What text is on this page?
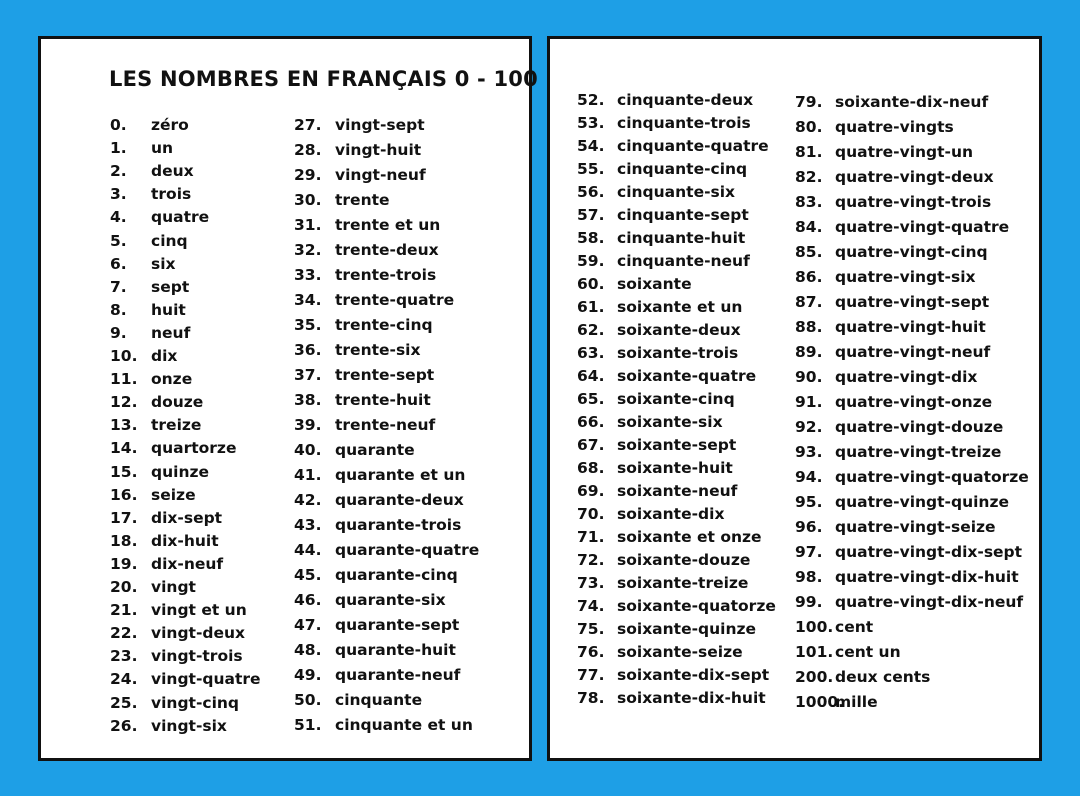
LES NOMBRES EN FRANÇAIS 0 - 100
0. zéro
1. un
2. deux
3. trois
4. quatre
5. cinq
6. six
7. sept
8. huit
9. neuf
10. dix
11. onze
12. douze
13. treize
14. quartorze
15. quinze
16. seize
17. dix-sept
18. dix-huit
19. dix-neuf
20. vingt
21. vingt et un
22. vingt-deux
23. vingt-trois
24. vingt-quatre
25. vingt-cinq
26. vingt-six
27. vingt-sept
28. vingt-huit
29. vingt-neuf
30. trente
31. trente et un
32. trente-deux
33. trente-trois
34. trente-quatre
35. trente-cinq
36. trente-six
37. trente-sept
38. trente-huit
39. trente-neuf
40. quarante
41. quarante et un
42. quarante-deux
43. quarante-trois
44. quarante-quatre
45. quarante-cinq
46. quarante-six
47. quarante-sept
48. quarante-huit
49. quarante-neuf
50. cinquante
51. cinquante et un
52. cinquante-deux
53. cinquante-trois
54. cinquante-quatre
55. cinquante-cinq
56. cinquante-six
57. cinquante-sept
58. cinquante-huit
59. cinquante-neuf
60. soixante
61. soixante et un
62. soixante-deux
63. soixante-trois
64. soixante-quatre
65. soixante-cinq
66. soixante-six
67. soixante-sept
68. soixante-huit
69. soixante-neuf
70. soixante-dix
71. soixante et onze
72. soixante-douze
73. soixante-treize
74. soixante-quatorze
75. soixante-quinze
76. soixante-seize
77. soixante-dix-sept
78. soixante-dix-huit
79. soixante-dix-neuf
80. quatre-vingts
81. quatre-vingt-un
82. quatre-vingt-deux
83. quatre-vingt-trois
84. quatre-vingt-quatre
85. quatre-vingt-cinq
86. quatre-vingt-six
87. quatre-vingt-sept
88. quatre-vingt-huit
89. quatre-vingt-neuf
90. quatre-vingt-dix
91. quatre-vingt-onze
92. quatre-vingt-douze
93. quatre-vingt-treize
94. quatre-vingt-quatorze
95. quatre-vingt-quinze
96. quatre-vingt-seize
97. quatre-vingt-dix-sept
98. quatre-vingt-dix-huit
99. quatre-vingt-dix-neuf
100. cent
101. cent un
200. deux cents
1000.
mille
